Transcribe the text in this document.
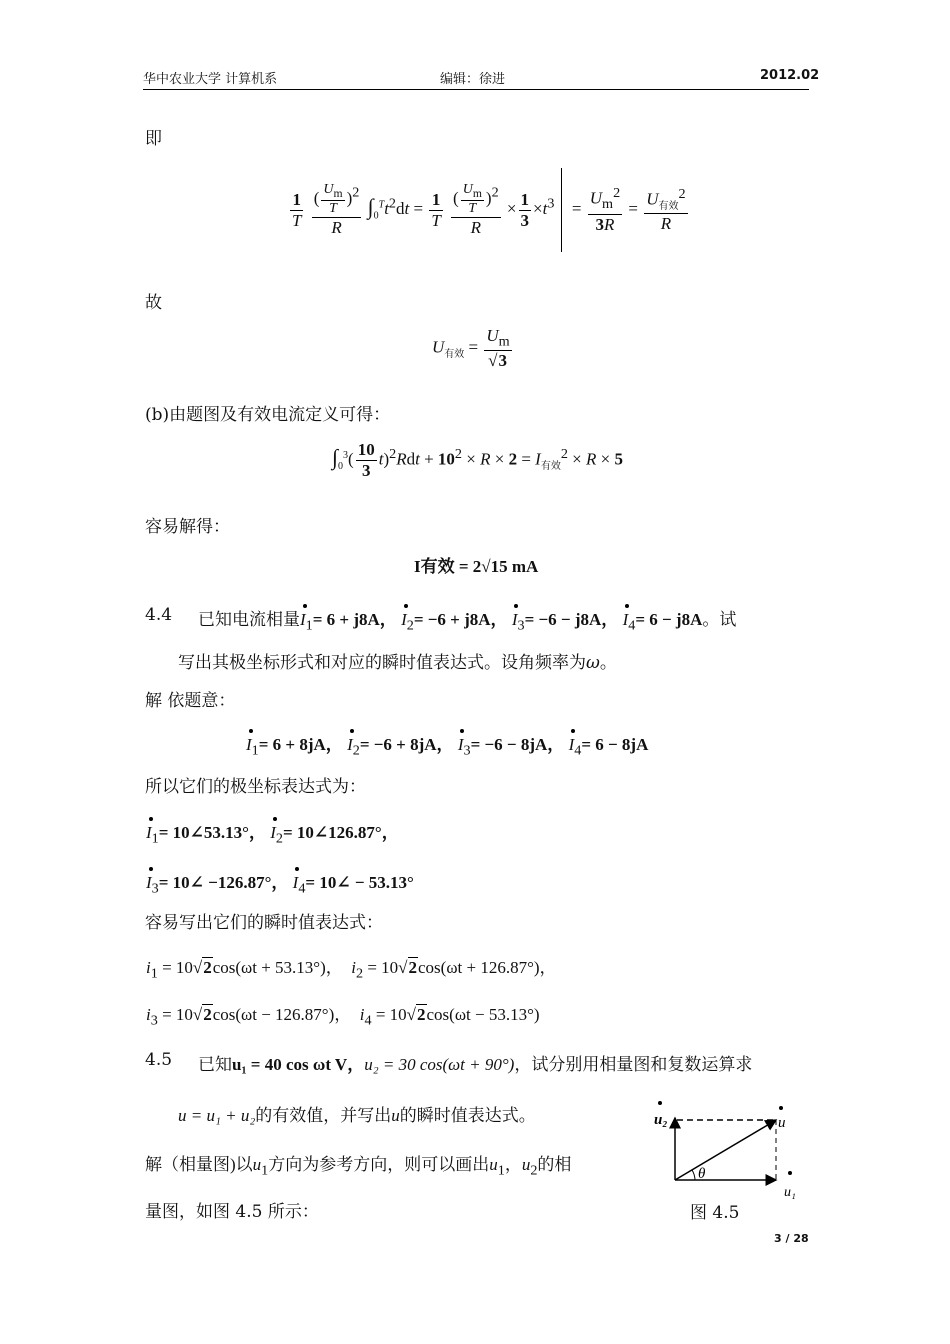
华中农业大学 计算机系	编辑：徐进	2012.02
即
$\frac{1}{T}$
$\frac{( \frac{U_m}{T} )^2}{R} \int_0^Tt^2dt = \frac{1}{T}$
$\frac{( \frac{U_m}{T} )^2}{R} \times \frac{1}{3} \times t^3 = \frac{U_m^2}{3R} = \frac{U_{有效}^2}{R}$
故
$U_{有效} = \frac{U_m}{√3}$
(b)由题图及有效电流定义可得：
$\int_0^3( \frac{10}{3} t)^2Rdt + 10^2 \times R \times 2 = I_{有效}^2 \times R \times 5$
容易解得：
I有效 = 2√15 mA
4.4 已知电流相量$I_1= 6 + j8A$， $I_2= -6 + j8A$， $I_3= -6 - j8A$， $I_4= 6 - j8A$。试
写出其极坐标形式和对应的瞬时值表达式。设角频率为ω。
解 依题意：
$I_1= 6 + 8jA$， $I_2= -6 + 8jA$， $I_3= -6 - 8jA$， $I_4= 6 - 8jA$
所以它们的极坐标表达式为：
$I_1=$ 10∠53.13°， $I_2=$ 10∠126.87°，
$I_3=$ 10∠ −126.87°， $I_4=$ 10∠ − 53.13°
容易写出它们的瞬时值表达式：
$i_1 = 10√2\cos(\omega t + 53.13^\circ)$， $i_2 = 10√2\cos(\omega t + 126.87^\circ)$，
$i_3 = 10√2\cos(\omega t - 126.87^\circ)$， $i_4 = 10√2\cos(\omega t - 53.13^\circ)$
4.5 已知u₁ = 40 cos ωt V，u₂ = 30 cos(ωt + 90°)，试分别用相量图和复数运算求
u = u₁ + u₂的有效值，并写出u的瞬时值表达式。
解（相量图)以$u_1$方向为参考方向，则可以画出$u_1$，$u_2$的相
量图，如图 4.5 所示：
θ
u₂	u
u₁
图 4.5
3 / 28
